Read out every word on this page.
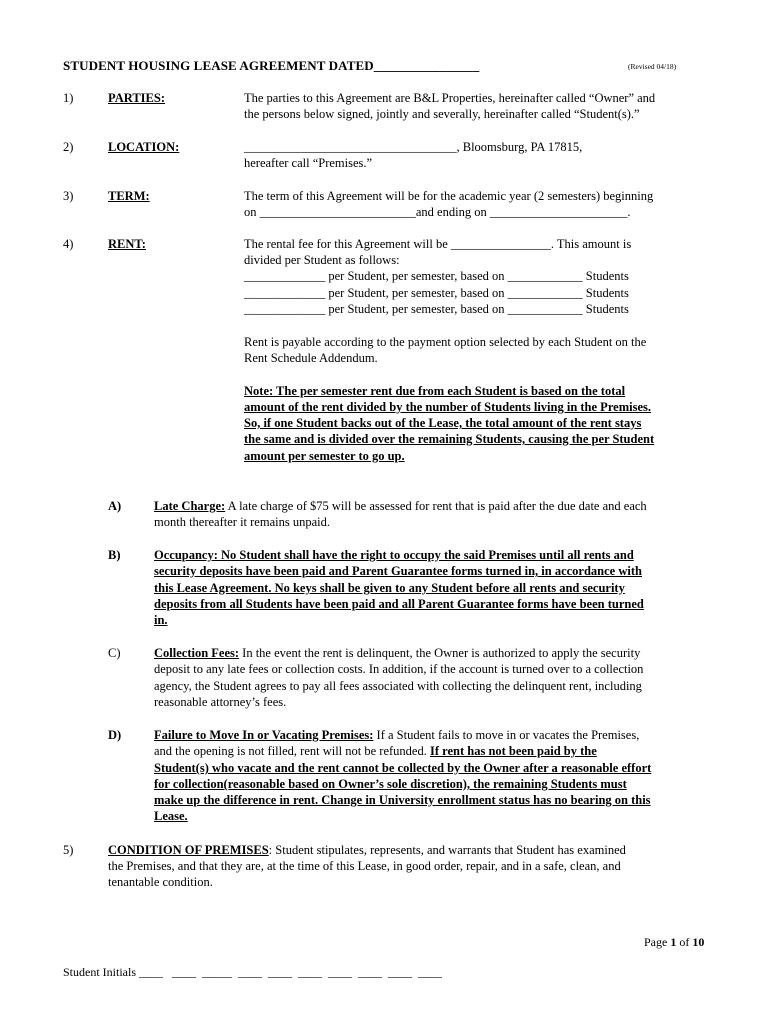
STUDENT HOUSING LEASE AGREEMENT DATED________________	(Revised 04/18)
1)	PARTIES:	The parties to this Agreement are B&L Properties, hereinafter called “Owner” and
the persons below signed, jointly and severally, hereinafter called “Student(s).”
2)	LOCATION:	__________________________________, Bloomsburg, PA 17815,
hereafter call “Premises.”
3)	TERM:	The term of this Agreement will be for the academic year (2 semesters) beginning
on _________________________and ending on ______________________.
4)	RENT:	The rental fee for this Agreement will be ________________. This amount is
divided per Student as follows:
_____________ per Student, per semester, based on ____________ Students
_____________ per Student, per semester, based on ____________ Students
_____________ per Student, per semester, based on ____________ Students
Rent is payable according to the payment option selected by each Student on the
Rent Schedule Addendum.
Note: The per semester rent due from each Student is based on the total
amount of the rent divided by the number of Students living in the Premises.
So, if one Student backs out of the Lease, the total amount of the rent stays
the same and is divided over the remaining Students, causing the per Student
amount per semester to go up.
A)	Late Charge: A late charge of $75 will be assessed for rent that is paid after the due date and each
month thereafter it remains unpaid.
B)	Occupancy: No Student shall have the right to occupy the said Premises until all rents and
security deposits have been paid and Parent Guarantee forms turned in, in accordance with
this Lease Agreement. No keys shall be given to any Student before all rents and security
deposits from all Students have been paid and all Parent Guarantee forms have been turned
in.
C)	Collection Fees: In the event the rent is delinquent, the Owner is authorized to apply the security
deposit to any late fees or collection costs. In addition, if the account is turned over to a collection
agency, the Student agrees to pay all fees associated with collecting the delinquent rent, including
reasonable attorney’s fees.
D)	Failure to Move In or Vacating Premises: If a Student fails to move in or vacates the Premises,
and the opening is not filled, rent will not be refunded. If rent has not been paid by the
Student(s) who vacate and the rent cannot be collected by the Owner after a reasonable effort
for collection(reasonable based on Owner’s sole discretion), the remaining Students must
make up the difference in rent. Change in University enrollment status has no bearing on this
Lease.
5)	CONDITION OF PREMISES: Student stipulates, represents, and warrants that Student has examined
the Premises, and that they are, at the time of this Lease, in good order, repair, and in a safe, clean, and
tenantable condition.
Page 1 of 10
Student Initials ____   ____  _____  ____  ____  ____  ____  ____  ____  ____
